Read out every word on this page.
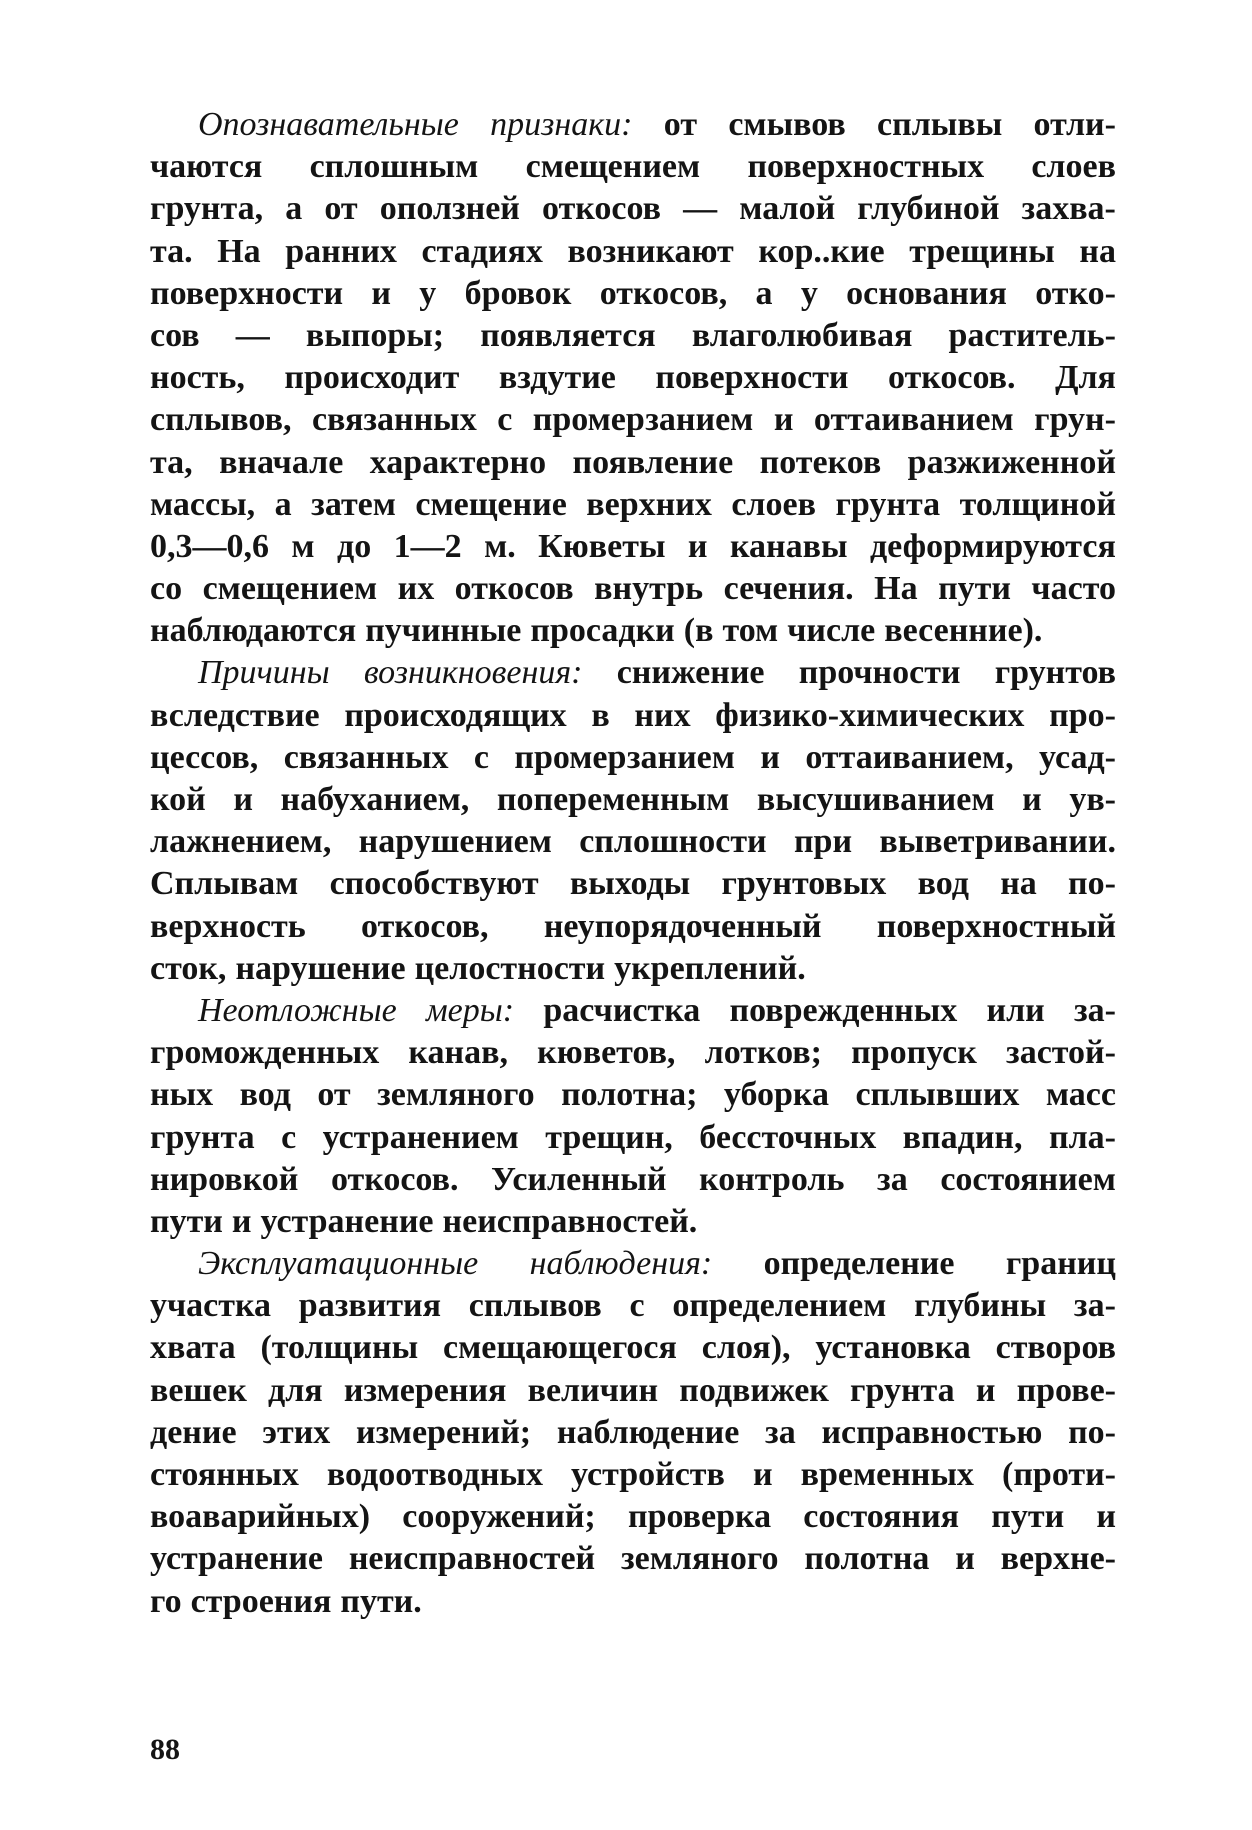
Опознавательные признаки: от смывов сплывы отли-
чаются сплошным смещением поверхностных слоев
грунта, а от оползней откосов — малой глубиной захва-
та. На ранних стадиях возникают кор..кие трещины на
поверхности и у бровок откосов, а у основания отко-
сов — выпоры; появляется влаголюбивая раститель-
ность, происходит вздутие поверхности откосов. Для
сплывов, связанных с промерзанием и оттаиванием грун-
та, вначале характерно появление потеков разжиженной
массы, а затем смещение верхних слоев грунта толщиной
0,3—0,6 м до 1—2 м. Кюветы и канавы деформируются
со смещением их откосов внутрь сечения. На пути часто
наблюдаются пучинные просадки (в том числе весенние).
Причины возникновения: снижение прочности грунтов
вследствие происходящих в них физико-химических про-
цессов, связанных с промерзанием и оттаиванием, усад-
кой и набуханием, попеременным высушиванием и ув-
лажнением, нарушением сплошности при выветривании.
Сплывам способствуют выходы грунтовых вод на по-
верхность откосов, неупорядоченный поверхностный
сток, нарушение целостности укреплений.
Неотложные меры: расчистка поврежденных или за-
громожденных канав, кюветов, лотков; пропуск застой-
ных вод от земляного полотна; уборка сплывших масс
грунта с устранением трещин, бессточных впадин, пла-
нировкой откосов. Усиленный контроль за состоянием
пути и устранение неисправностей.
Эксплуатационные наблюдения: определение границ
участка развития сплывов с определением глубины за-
хвата (толщины смещающегося слоя), установка створов
вешек для измерения величин подвижек грунта и прове-
дение этих измерений; наблюдение за исправностью по-
стоянных водоотводных устройств и временных (проти-
воаварийных) сооружений; проверка состояния пути и
устранение неисправностей земляного полотна и верхне-
го строения пути.
88
